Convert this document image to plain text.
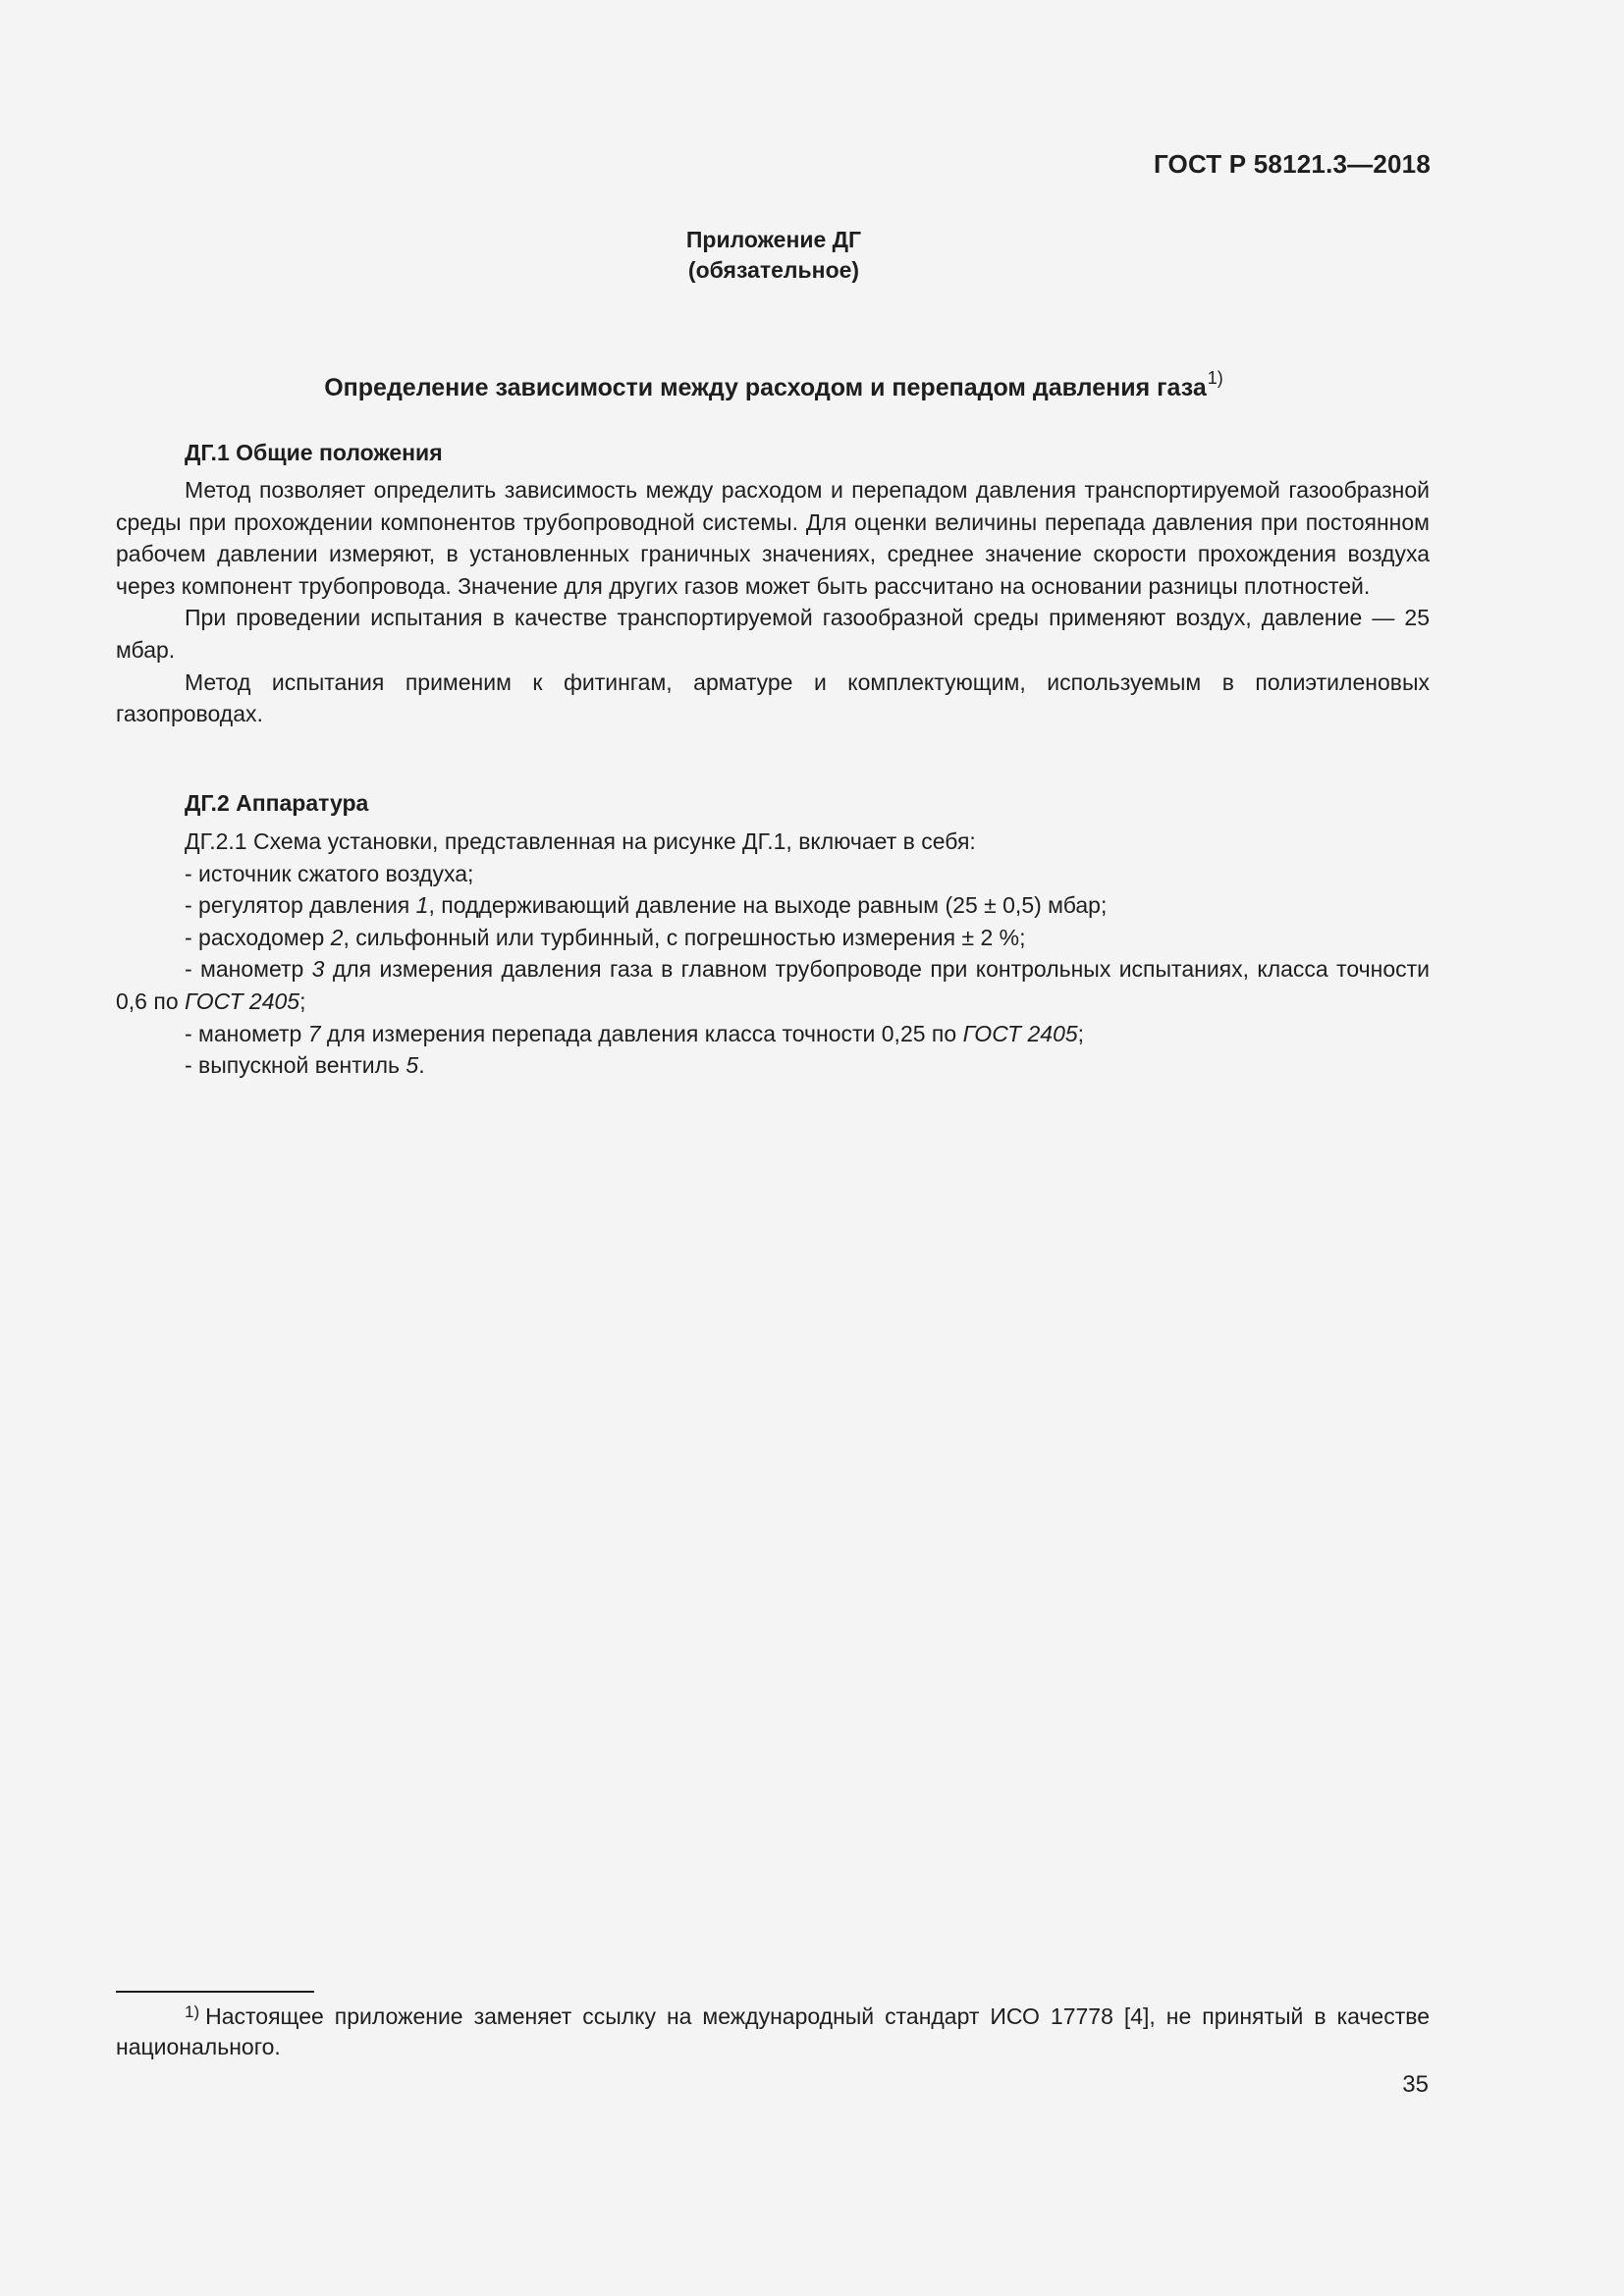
ГОСТ Р 58121.3—2018
Приложение ДГ
(обязательное)
Определение зависимости между расходом и перепадом давления газа$^{1)}$

ДГ.1 Общие положения

Метод позволяет определить зависимость между расходом и перепадом давления транспортируемой газообразной среды при прохождении компонентов трубопроводной системы. Для оценки величины перепада давления при постоянном рабочем давлении измеряют, в установленных граничных значениях, среднее значение скорости прохождения воздуха через компонент трубопровода. Значение для других газов может быть рассчитано на основании разницы плотностей.

При проведении испытания в качестве транспортируемой газообразной среды применяют воздух, давление — 25 мбар.

Метод испытания применим к фитингам, арматуре и комплектующим, используемым в полиэтиленовых газопроводах.

ДГ.2 Аппаратура

ДГ.2.1 Схема установки, представленная на рисунке ДГ.1, включает в себя:

- источник сжатого воздуха;

- регулятор давления 1, поддерживающий давление на выходе равным (25 ± 0,5) мбар;

- расходомер 2, сильфонный или турбинный, с погрешностью измерения ± 2 %;

- манометр 3 для измерения давления газа в главном трубопроводе при контрольных испытаниях, класса точности 0,6 по ГОСТ 2405;

- манометр 7 для измерения перепада давления класса точности 0,25 по ГОСТ 2405;

- выпускной вентиль 5.

$^{1)}$ Настоящее приложение заменяет ссылку на международный стандарт ИСО 17778 [4], не принятый в качестве национального.
35
